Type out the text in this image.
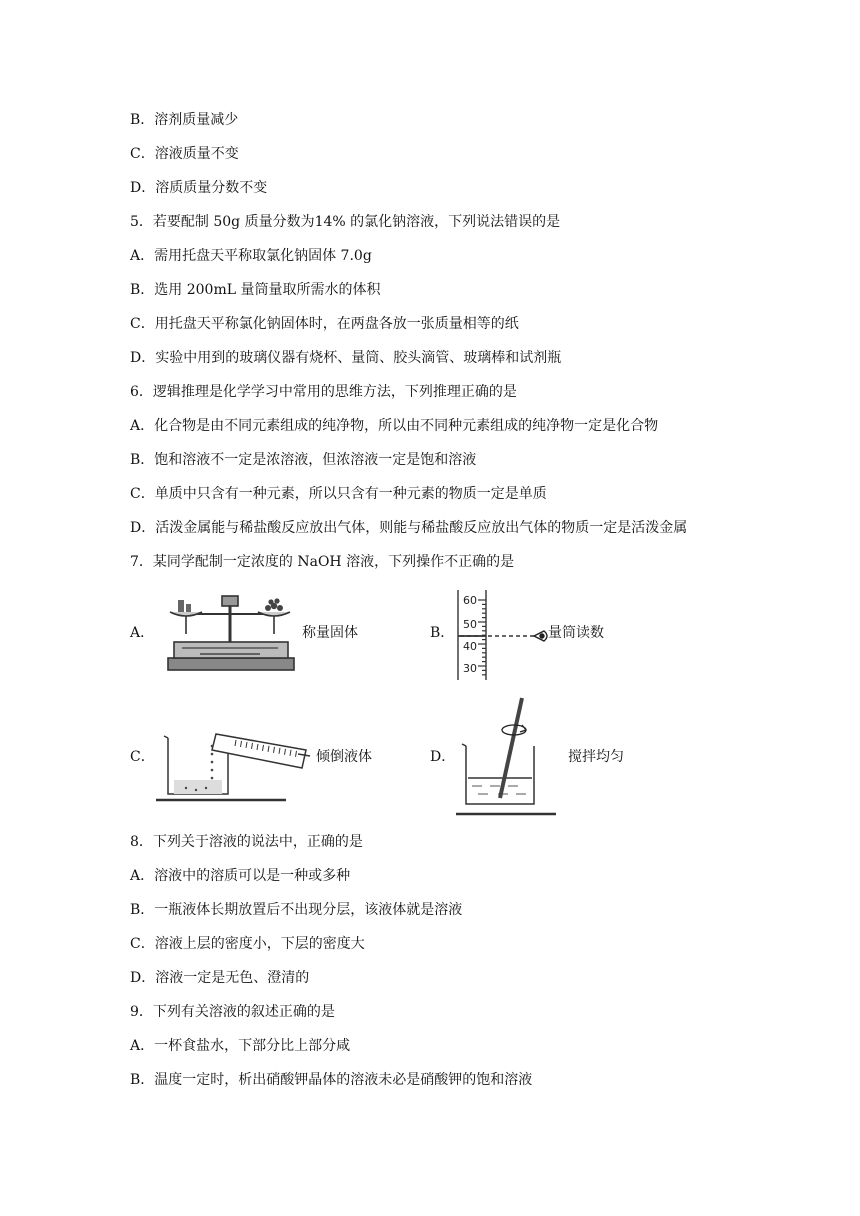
B．溶剂质量减少
C．溶液质量不变
D．溶质质量分数不变
5．若要配制 50g 质量分数为14% 的氯化钠溶液，下列说法错误的是
A．需用托盘天平称取氯化钠固体 7.0g
B．选用 200mL 量筒量取所需水的体积
C．用托盘天平称氯化钠固体时，在两盘各放一张质量相等的纸
D．实验中用到的玻璃仪器有烧杯、量筒、胶头滴管、玻璃棒和试剂瓶
6．逻辑推理是化学学习中常用的思维方法，下列推理正确的是
A．化合物是由不同元素组成的纯净物，所以由不同种元素组成的纯净物一定是化合物
B．饱和溶液不一定是浓溶液，但浓溶液一定是饱和溶液
C．单质中只含有一种元素，所以只含有一种元素的物质一定是单质
D．活泼金属能与稀盐酸反应放出气体，则能与稀盐酸反应放出气体的物质一定是活泼金属
7．某同学配制一定浓度的 NaOH 溶液，下列操作不正确的是
A．	称量固体	B．
60
50
40
30
量筒读数
C．	倾倒液体	D．	搅拌均匀
8．下列关于溶液的说法中，正确的是
A．溶液中的溶质可以是一种或多种
B．一瓶液体长期放置后不出现分层，该液体就是溶液
C．溶液上层的密度小，下层的密度大
D．溶液一定是无色、澄清的
9．下列有关溶液的叙述正确的是
A．一杯食盐水，下部分比上部分咸
B．温度一定时，析出硝酸钾晶体的溶液未必是硝酸钾的饱和溶液
